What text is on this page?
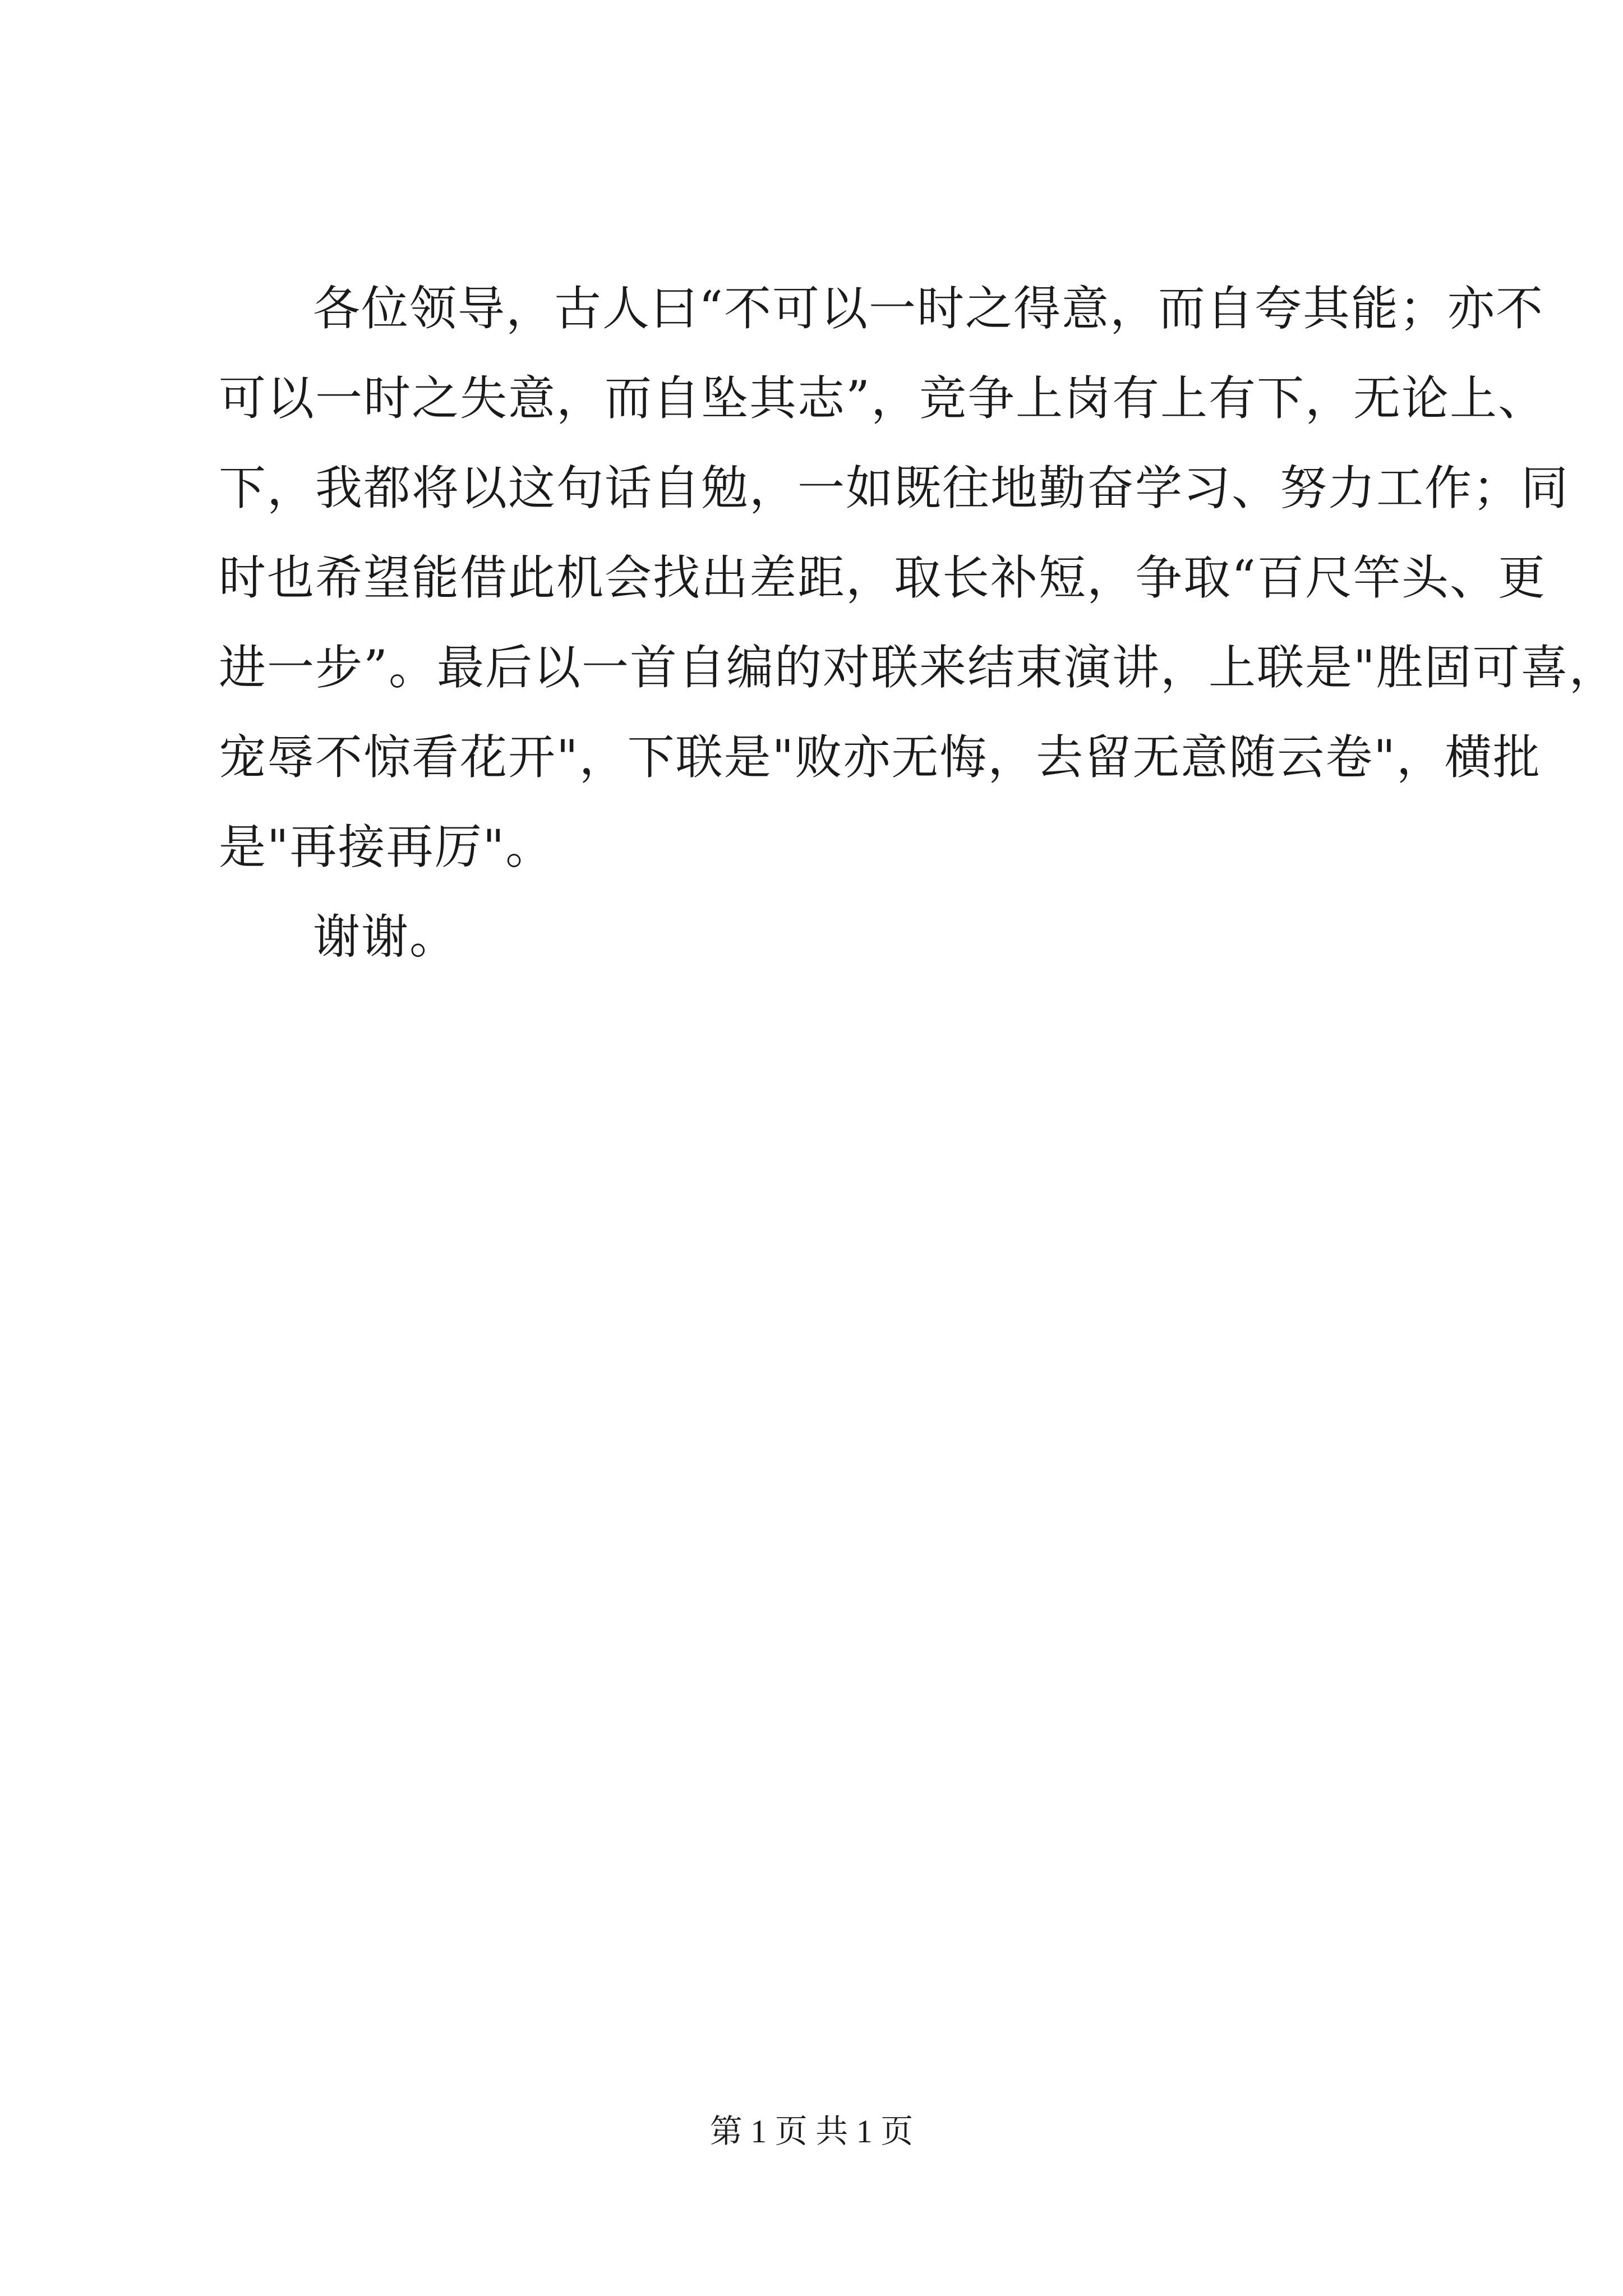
各位领导，古人曰“不可以一时之得意，而自夸其能；亦不
可以一时之失意，而自坠其志”，竞争上岗有上有下，无论上、
下，我都将以这句话自勉，一如既往地勤奋学习、努力工作；同
时也希望能借此机会找出差距，取长补短，争取“百尺竿头、更
进一步”。最后以一首自编的对联来结束演讲，上联是"胜固可喜，
宠辱不惊看花开"，下联是"败亦无悔，去留无意随云卷"，横批
是"再接再厉"。
谢谢。
第 1 页 共 1 页
